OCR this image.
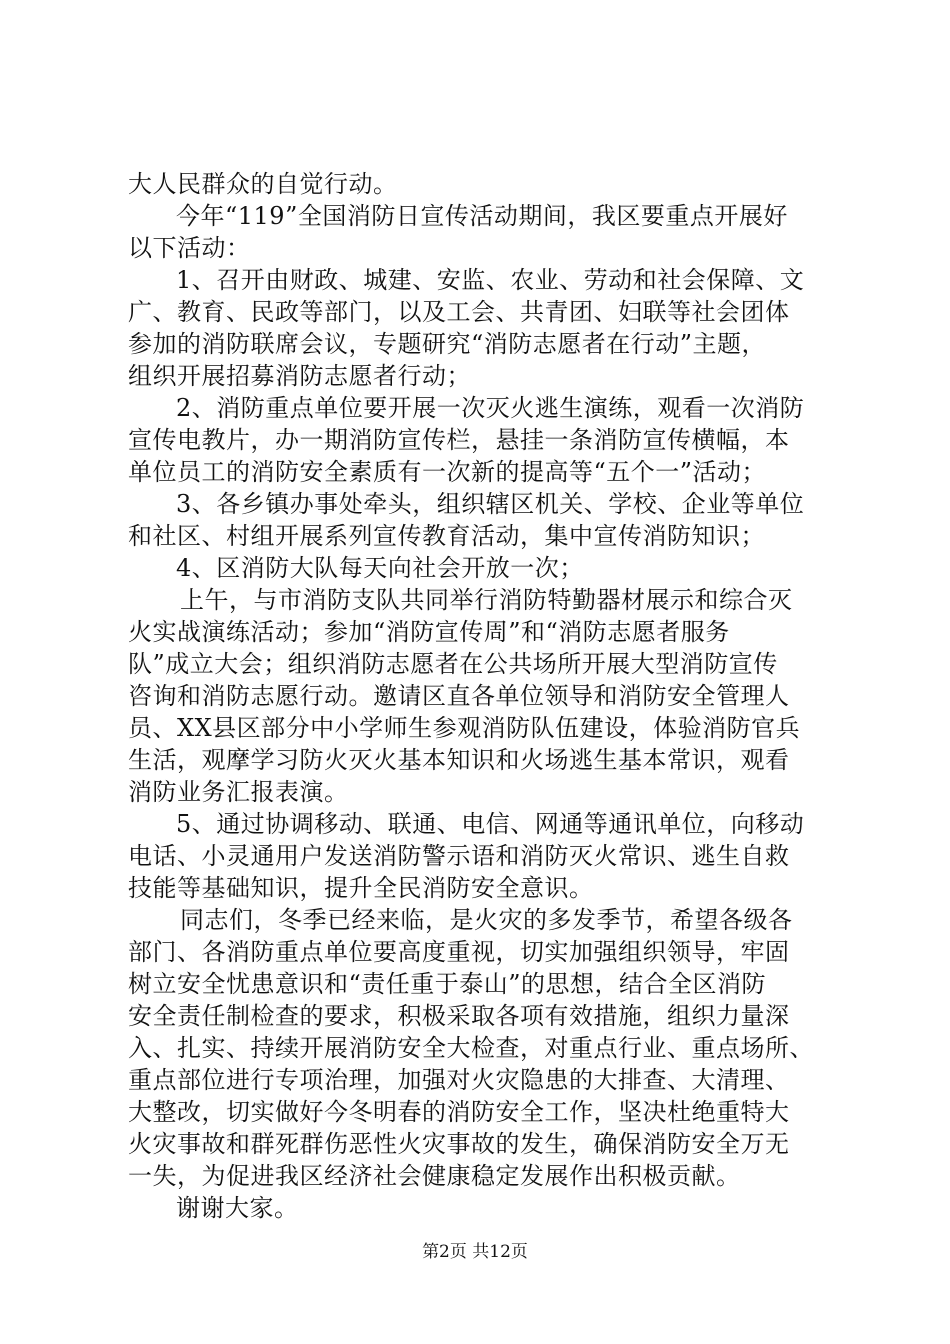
大人民群众的自觉行动。
今年“119”全国消防日宣传活动期间，我区要重点开展好
以下活动：
1、召开由财政、城建、安监、农业、劳动和社会保障、文
广、教育、民政等部门，以及工会、共青团、妇联等社会团体
参加的消防联席会议，专题研究“消防志愿者在行动”主题，
组织开展招募消防志愿者行动；
2、消防重点单位要开展一次灭火逃生演练，观看一次消防
宣传电教片，办一期消防宣传栏，悬挂一条消防宣传横幅，本
单位员工的消防安全素质有一次新的提高等“五个一”活动；
3、各乡镇办事处牵头，组织辖区机关、学校、企业等单位
和社区、村组开展系列宣传教育活动，集中宣传消防知识；
4、区消防大队每天向社会开放一次；
上午，与市消防支队共同举行消防特勤器材展示和综合灭
火实战演练活动；参加“消防宣传周”和“消防志愿者服务
队”成立大会；组织消防志愿者在公共场所开展大型消防宣传
咨询和消防志愿行动。邀请区直各单位领导和消防安全管理人
员、XX县区部分中小学师生参观消防队伍建设，体验消防官兵
生活，观摩学习防火灭火基本知识和火场逃生基本常识，观看
消防业务汇报表演。
5、通过协调移动、联通、电信、网通等通讯单位，向移动
电话、小灵通用户发送消防警示语和消防灭火常识、逃生自救
技能等基础知识，提升全民消防安全意识。
同志们，冬季已经来临，是火灾的多发季节，希望各级各
部门、各消防重点单位要高度重视，切实加强组织领导，牢固
树立安全忧患意识和“责任重于泰山”的思想，结合全区消防
安全责任制检查的要求，积极采取各项有效措施，组织力量深
入、扎实、持续开展消防安全大检查，对重点行业、重点场所、
重点部位进行专项治理，加强对火灾隐患的大排查、大清理、
大整改，切实做好今冬明春的消防安全工作，坚决杜绝重特大
火灾事故和群死群伤恶性火灾事故的发生，确保消防安全万无
一失，为促进我区经济社会健康稳定发展作出积极贡献。
谢谢大家。
第2页 共12页
